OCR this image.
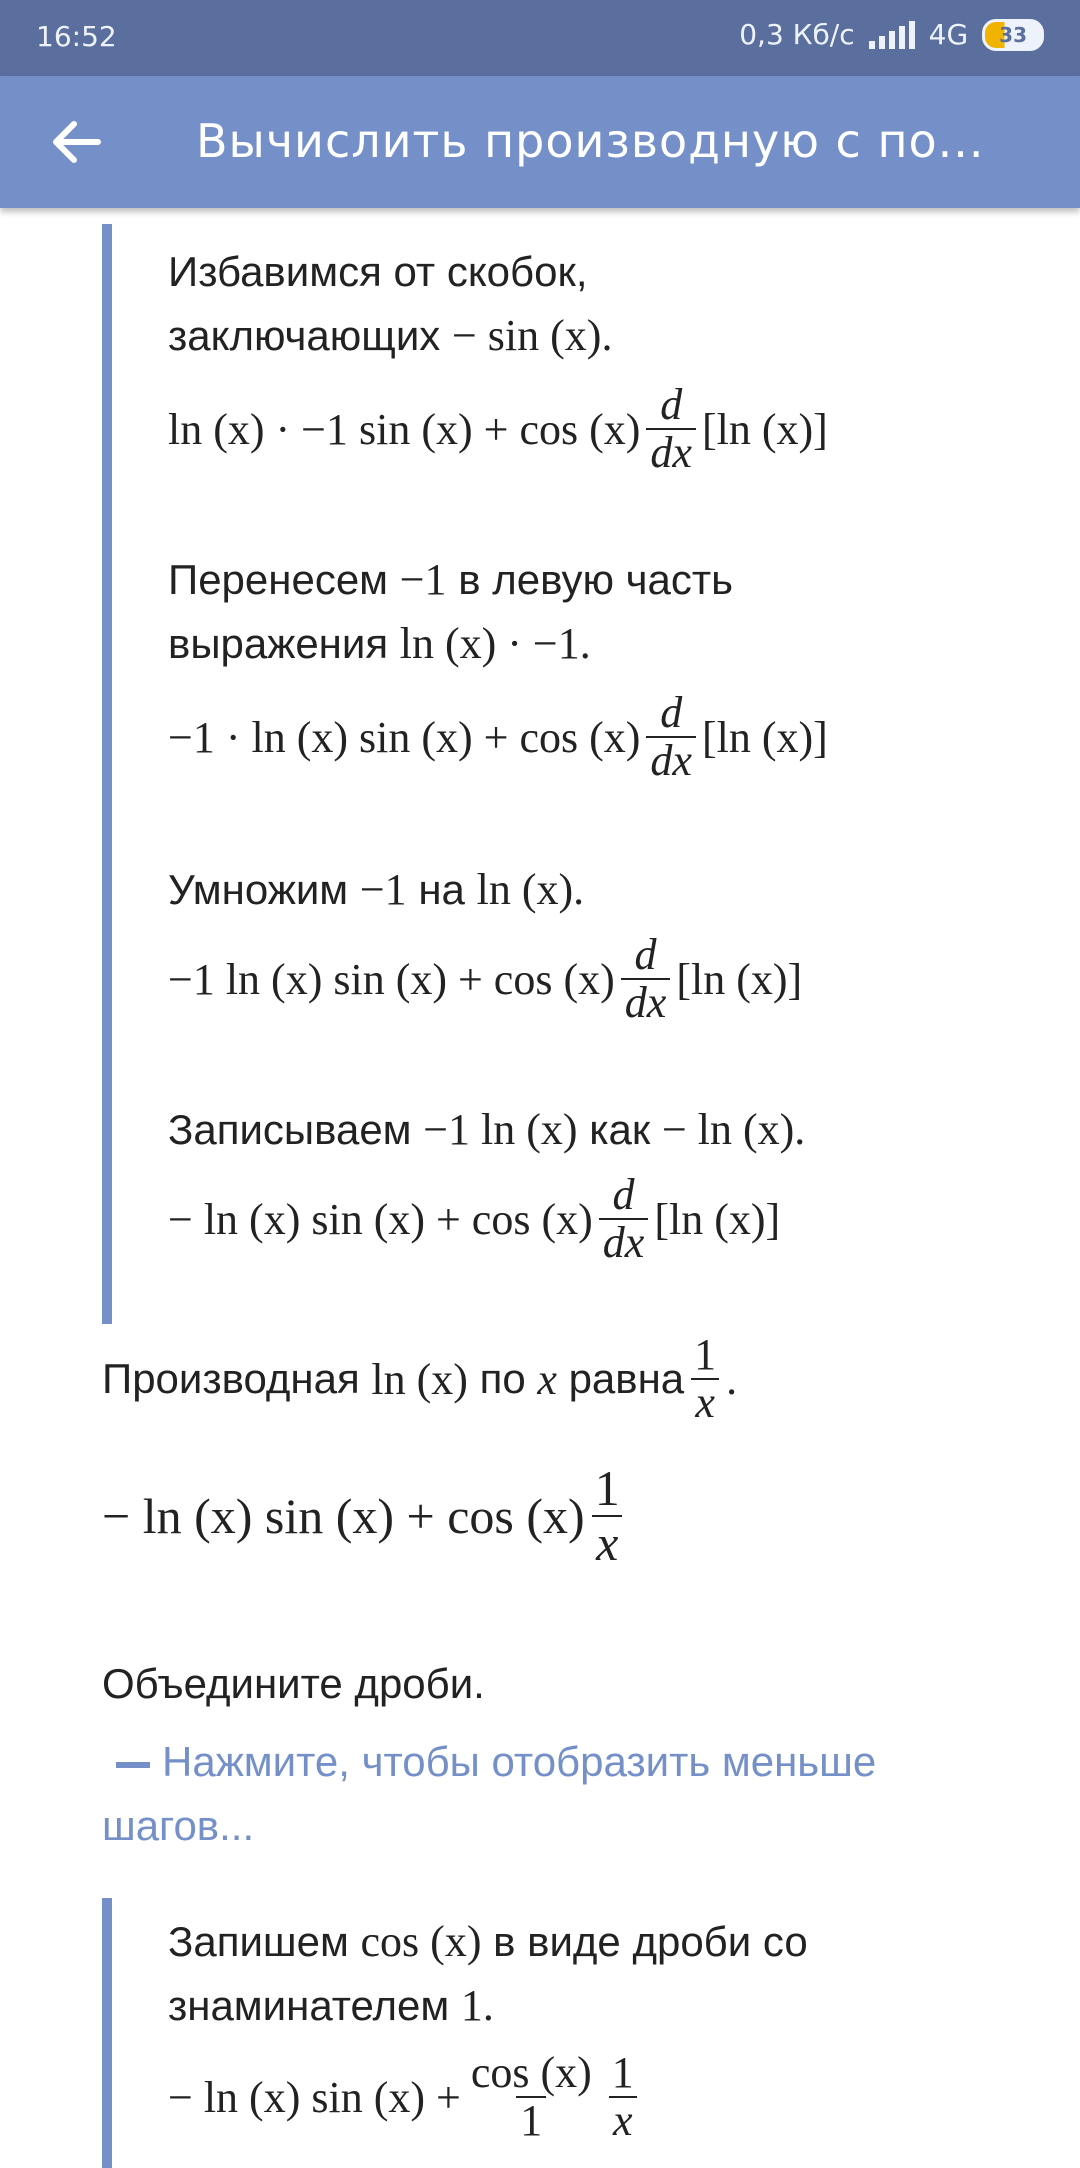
16:52	0,3 Кб/с	4G	33
Вычислить производную с по...
Избавимся от скобок,
заключающих − sin (x).
ln (x) · −1 $\sin (x) + \cos (x) \frac{d}{dx} [\ln$ (x)]
Перенесем −1 в левую часть
выражения ln (x) · −1.
−1 · ln (x) $\sin (x) + \cos (x) \frac{d}{dx} [\ln$ (x)]
Умножим −1 на ln (x).
−1 ln (x) $\sin (x) + \cos (x) \frac{d}{dx} [\ln$ (x)]
Записываем −1 ln (x) как − ln (x).
− ln (x) $\sin (x) + \cos (x) \frac{d}{dx} [\ln$ (x)]
Производная
ln (x)
по
x
равна $\frac{1}{x}$ .
− ln (x) $\sin (x) + \cos (x) \frac{1}{x}$
Объедините дроби.
Нажмите, чтобы отобразить меньше
шагов...
Запишем cos (x) в виде дроби со
знаминателем 1.
− ln (x) $\sin (x) + \frac{\cos (x)}{1} \frac{1}{x}$
